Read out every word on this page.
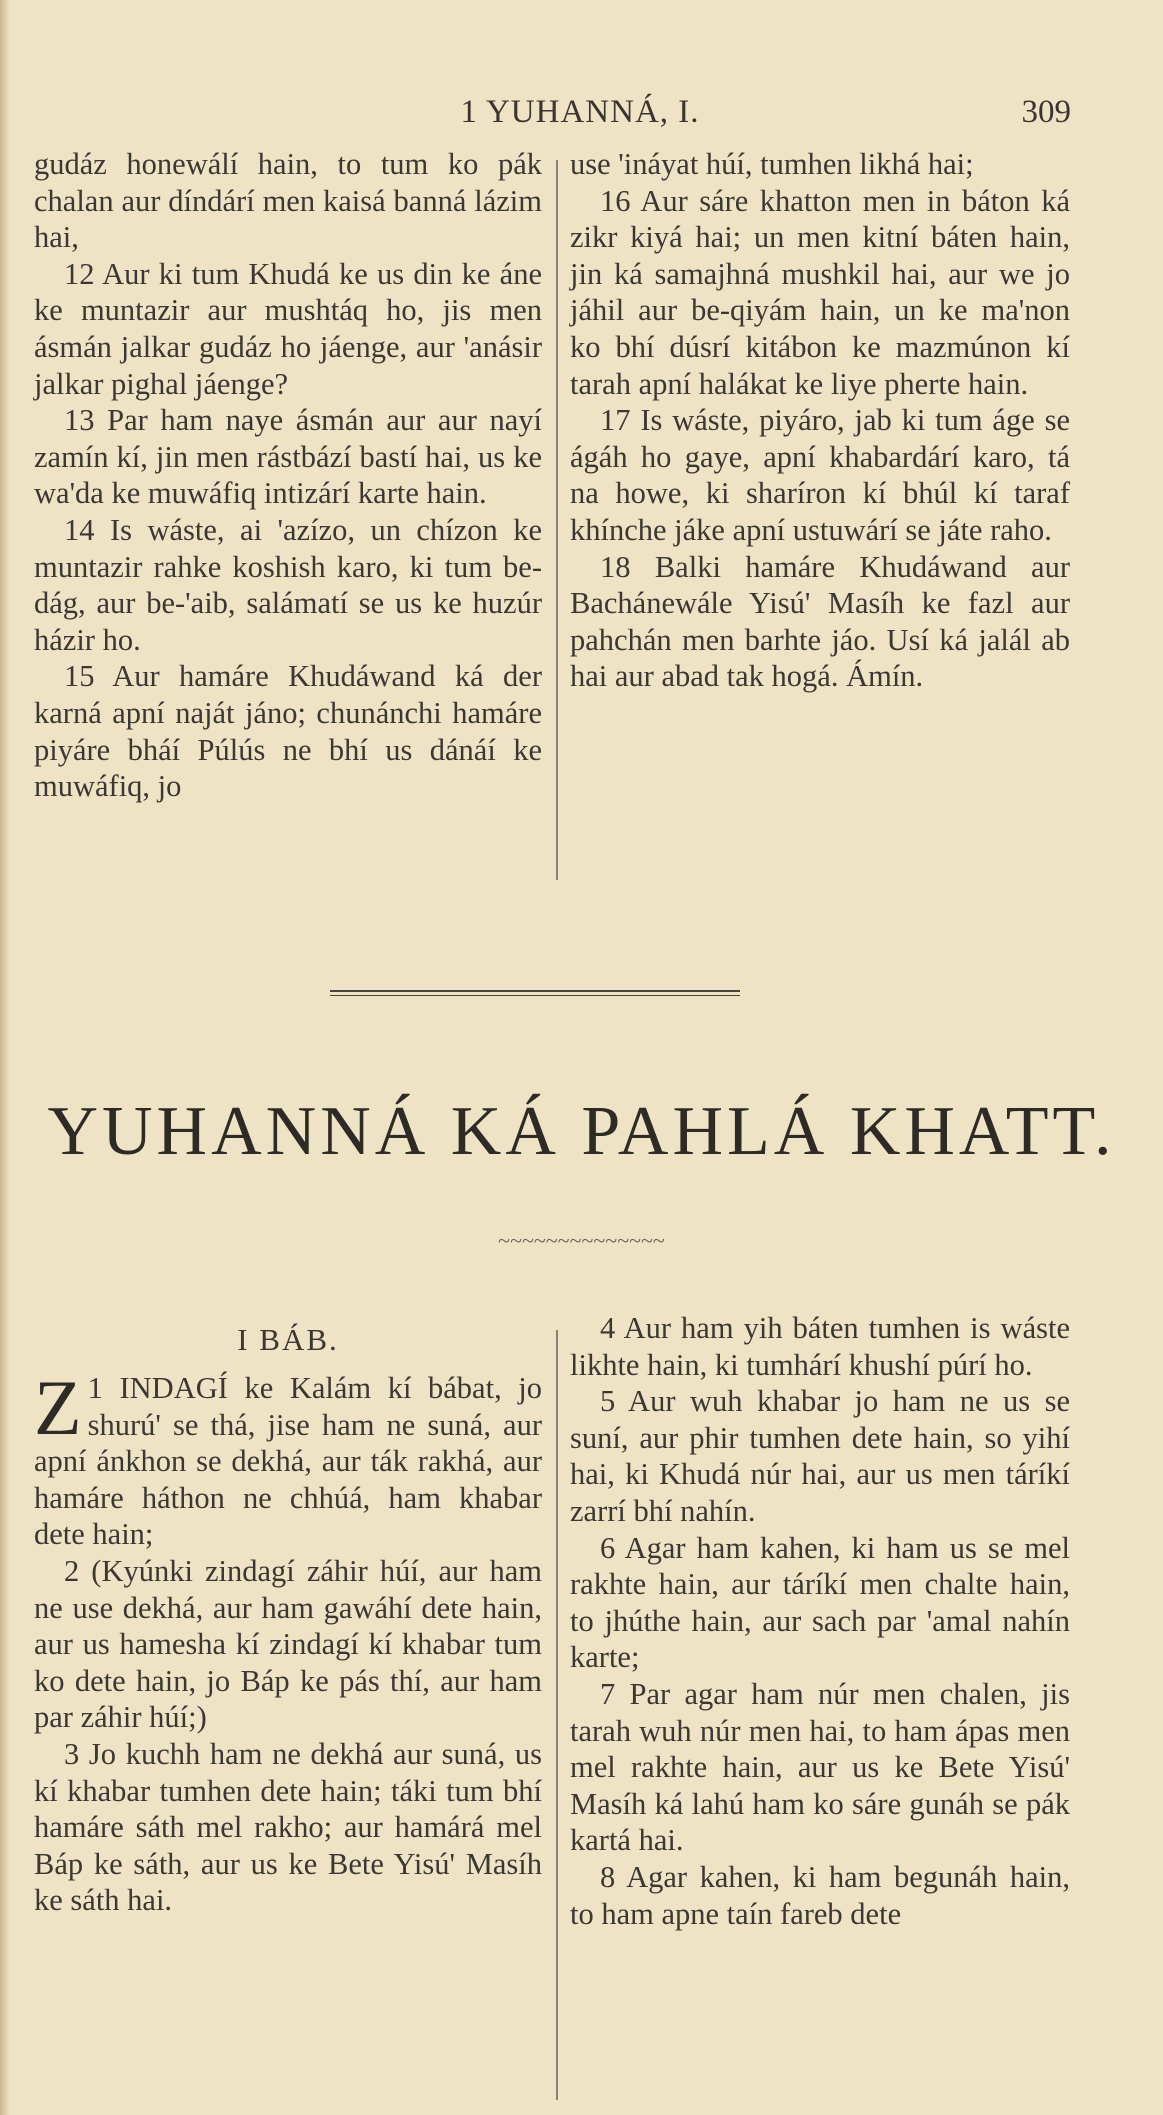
1 YUHANNÁ, I.	309

gudáz honewálí hain, to tum ko pák chalan aur díndárí men kaisá banná lázim hai,

12 Aur ki tum Khudá ke us din ke áne ke muntazir aur mushtáq ho, jis men ásmán jalkar gudáz ho jáenge, aur 'anásir jalkar pighal jáenge?

13 Par ham naye ásmán aur aur nayí zamín kí, jin men rástbází bastí hai, us ke wa'da ke muwáfiq intizárí karte hain.

14 Is wáste, ai 'azízo, un chízon ke muntazir rahke koshish karo, ki tum be-dág, aur be-'aib, salámatí se us ke huzúr házir ho.

15 Aur hamáre Khudáwand ká der karná apní naját jáno; chunánchi hamáre piyáre bháí Púlús ne bhí us dánáí ke muwáfiq, jo

use 'ináyat húí, tumhen likhá hai;

16 Aur sáre khatton men in báton ká zikr kiyá hai; un men kitní báten hain, jin ká samajhná mushkil hai, aur we jo jáhil aur be-qiyám hain, un ke ma'non ko bhí dúsrí kitábon ke mazmúnon kí tarah apní halákat ke liye pherte hain.

17 Is wáste, piyáro, jab ki tum áge se ágáh ho gaye, apní khabardárí karo, tá na howe, ki sharíron kí bhúl kí taraf khínche jáke apní ustuwárí se játe raho.

18 Balki hamáre Khudáwand aur Bachánewále Yisú' Masíh ke fazl aur pahchán men barhte jáo. Usí ká jalál ab hai aur abad tak hogá. Ámín.

YUHANNÁ KÁ PAHLÁ KHATT.
~~~~~~~~~~~~~~
I BÁB.

1
Z INDAGÍ ke Kalám kí bábat, jo shurú' se thá, jise ham ne suná, aur apní ánkhon se dekhá, aur ták rakhá, aur hamáre háthon ne chhúá, ham khabar dete hain;

2 (Kyúnki zindagí záhir húí, aur ham ne use dekhá, aur ham gawáhí dete hain, aur us hamesha kí zindagí kí khabar tum ko dete hain, jo Báp ke pás thí, aur ham par záhir húí;)

3 Jo kuchh ham ne dekhá aur suná, us kí khabar tumhen dete hain; táki tum bhí hamáre sáth mel rakho; aur hamárá mel Báp ke sáth, aur us ke Bete Yisú' Masíh ke sáth hai.

4 Aur ham yih báten tumhen is wáste likhte hain, ki tumhárí khushí púrí ho.

5 Aur wuh khabar jo ham ne us se suní, aur phir tumhen dete hain, so yihí hai, ki Khudá núr hai, aur us men táríkí zarrí bhí nahín.

6 Agar ham kahen, ki ham us se mel rakhte hain, aur táríkí men chalte hain, to jhúthe hain, aur sach par 'amal nahín karte;

7 Par agar ham núr men chalen, jis tarah wuh núr men hai, to ham ápas men mel rakhte hain, aur us ke Bete Yisú' Masíh ká lahú ham ko sáre gunáh se pák kartá hai.

8 Agar kahen, ki ham begunáh hain, to ham apne taín fareb dete
